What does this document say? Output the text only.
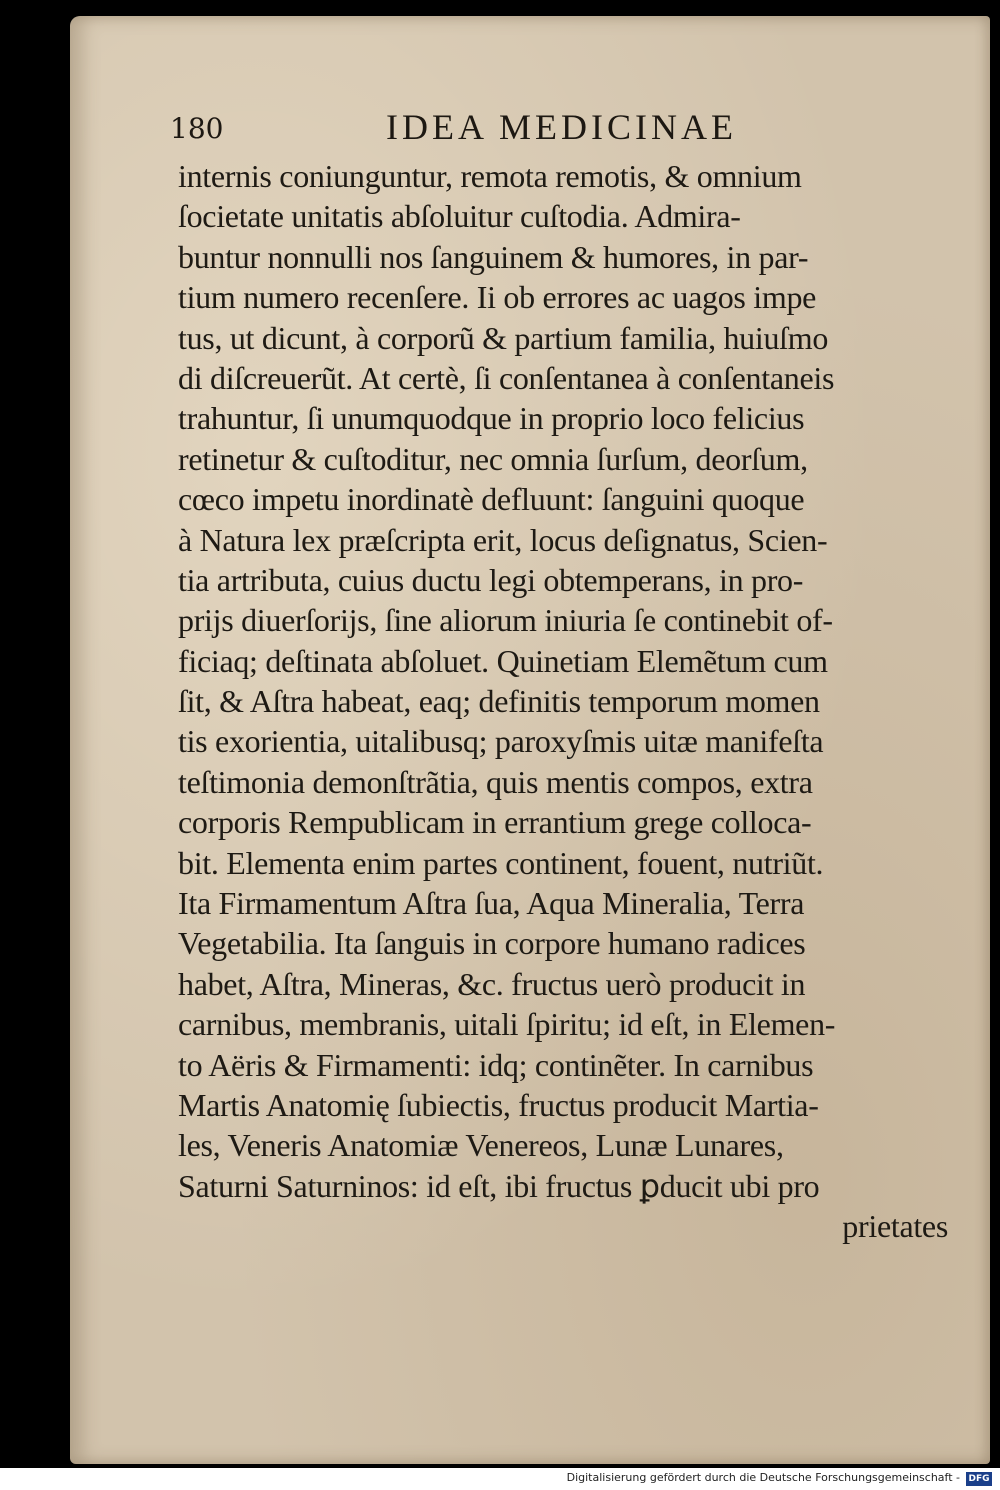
180	IDEA MEDICINAE
internis coniunguntur, remota remotis, & omnium
ſocietate unitatis abſoluitur cuſtodia. Admira-
buntur nonnulli nos ſanguinem & humores, in par-
tium numero recenſere. Ii ob errores ac uagos impe
tus, ut dicunt, à corporũ & partium familia, huiuſmo
di diſcreuerũt. At certè, ſi conſentanea à conſentaneis
trahuntur, ſi unumquodque in proprio loco felicius
retinetur & cuſtoditur, nec omnia ſurſum, deorſum,
cœco impetu inordinatè defluunt: ſanguini quoque
à Natura lex præſcripta erit, locus deſignatus, Scien-
tia artributa, cuius ductu legi obtemperans, in pro-
prijs diuerſorijs, ſine aliorum iniuria ſe continebit of-
ficiaq; deſtinata abſoluet. Quinetiam Elemẽtum cum
ſit, & Aſtra habeat, eaq; definitis temporum momen
tis exorientia, uitalibusq; paroxyſmis uitæ manifeſta
teſtimonia demonſtrãtia, quis mentis compos, extra
corporis Rempublicam in errantium grege colloca-
bit. Elementa enim partes continent, fouent, nutriũt.
Ita Firmamentum Aſtra ſua, Aqua Mineralia, Terra
Vegetabilia. Ita ſanguis in corpore humano radices
habet, Aſtra, Mineras, &c. fructus uerò producit in
carnibus, membranis, uitali ſpiritu; id eſt, in Elemen-
to Aëris & Firmamenti: idq; continẽter. In carnibus
Martis Anatomię ſubiectis, fructus producit Martia-
les, Veneris Anatomiæ Venereos, Lunæ Lunares,
Saturni Saturninos: id eſt, ibi fructus ꝑducit ubi pro
prietates
Digitalisierung gefördert durch die Deutsche Forschungsgemeinschaft - DFG
